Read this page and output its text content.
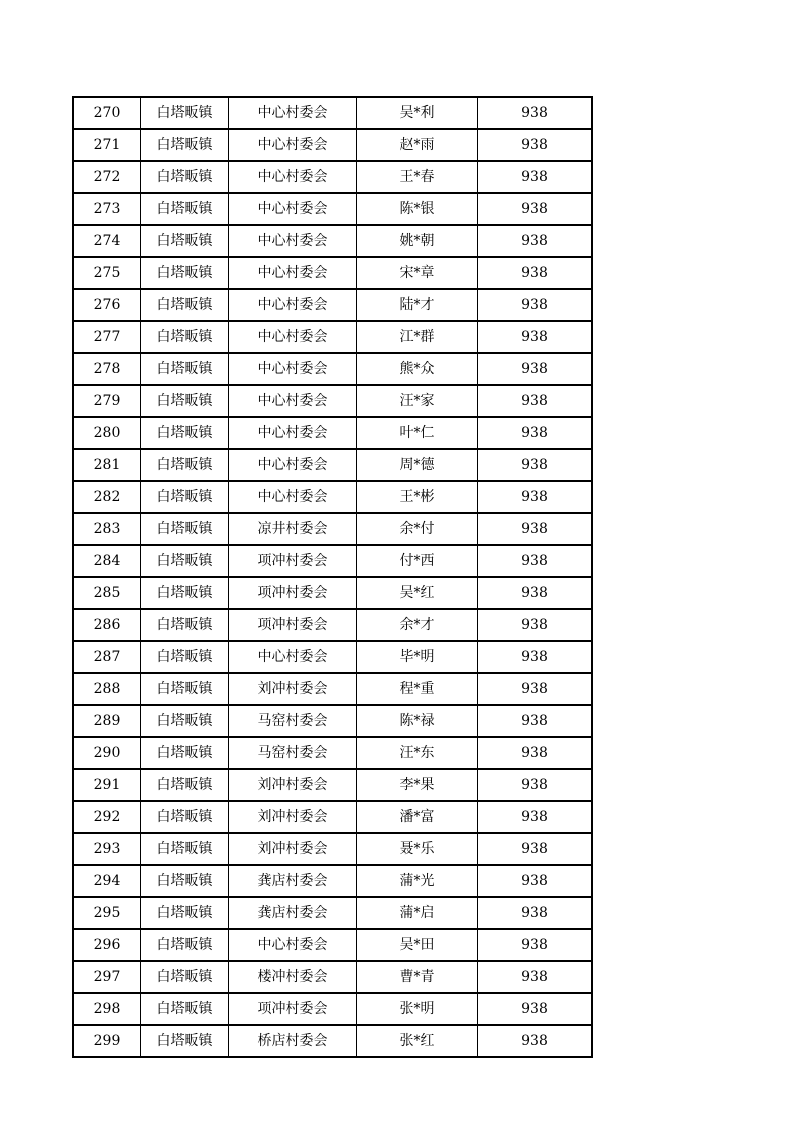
270	白塔畈镇	中心村委会	吴*利	938
271	白塔畈镇	中心村委会	赵*雨	938
272	白塔畈镇	中心村委会	王*春	938
273	白塔畈镇	中心村委会	陈*银	938
274	白塔畈镇	中心村委会	姚*朝	938
275	白塔畈镇	中心村委会	宋*章	938
276	白塔畈镇	中心村委会	陆*才	938
277	白塔畈镇	中心村委会	江*群	938
278	白塔畈镇	中心村委会	熊*众	938
279	白塔畈镇	中心村委会	汪*家	938
280	白塔畈镇	中心村委会	叶*仁	938
281	白塔畈镇	中心村委会	周*德	938
282	白塔畈镇	中心村委会	王*彬	938
283	白塔畈镇	凉井村委会	余*付	938
284	白塔畈镇	项冲村委会	付*西	938
285	白塔畈镇	项冲村委会	吴*红	938
286	白塔畈镇	项冲村委会	余*才	938
287	白塔畈镇	中心村委会	毕*明	938
288	白塔畈镇	刘冲村委会	程*重	938
289	白塔畈镇	马窑村委会	陈*禄	938
290	白塔畈镇	马窑村委会	汪*东	938
291	白塔畈镇	刘冲村委会	李*果	938
292	白塔畈镇	刘冲村委会	潘*富	938
293	白塔畈镇	刘冲村委会	聂*乐	938
294	白塔畈镇	龚店村委会	蒲*光	938
295	白塔畈镇	龚店村委会	蒲*启	938
296	白塔畈镇	中心村委会	吴*田	938
297	白塔畈镇	楼冲村委会	曹*青	938
298	白塔畈镇	项冲村委会	张*明	938
299	白塔畈镇	桥店村委会	张*红	938
